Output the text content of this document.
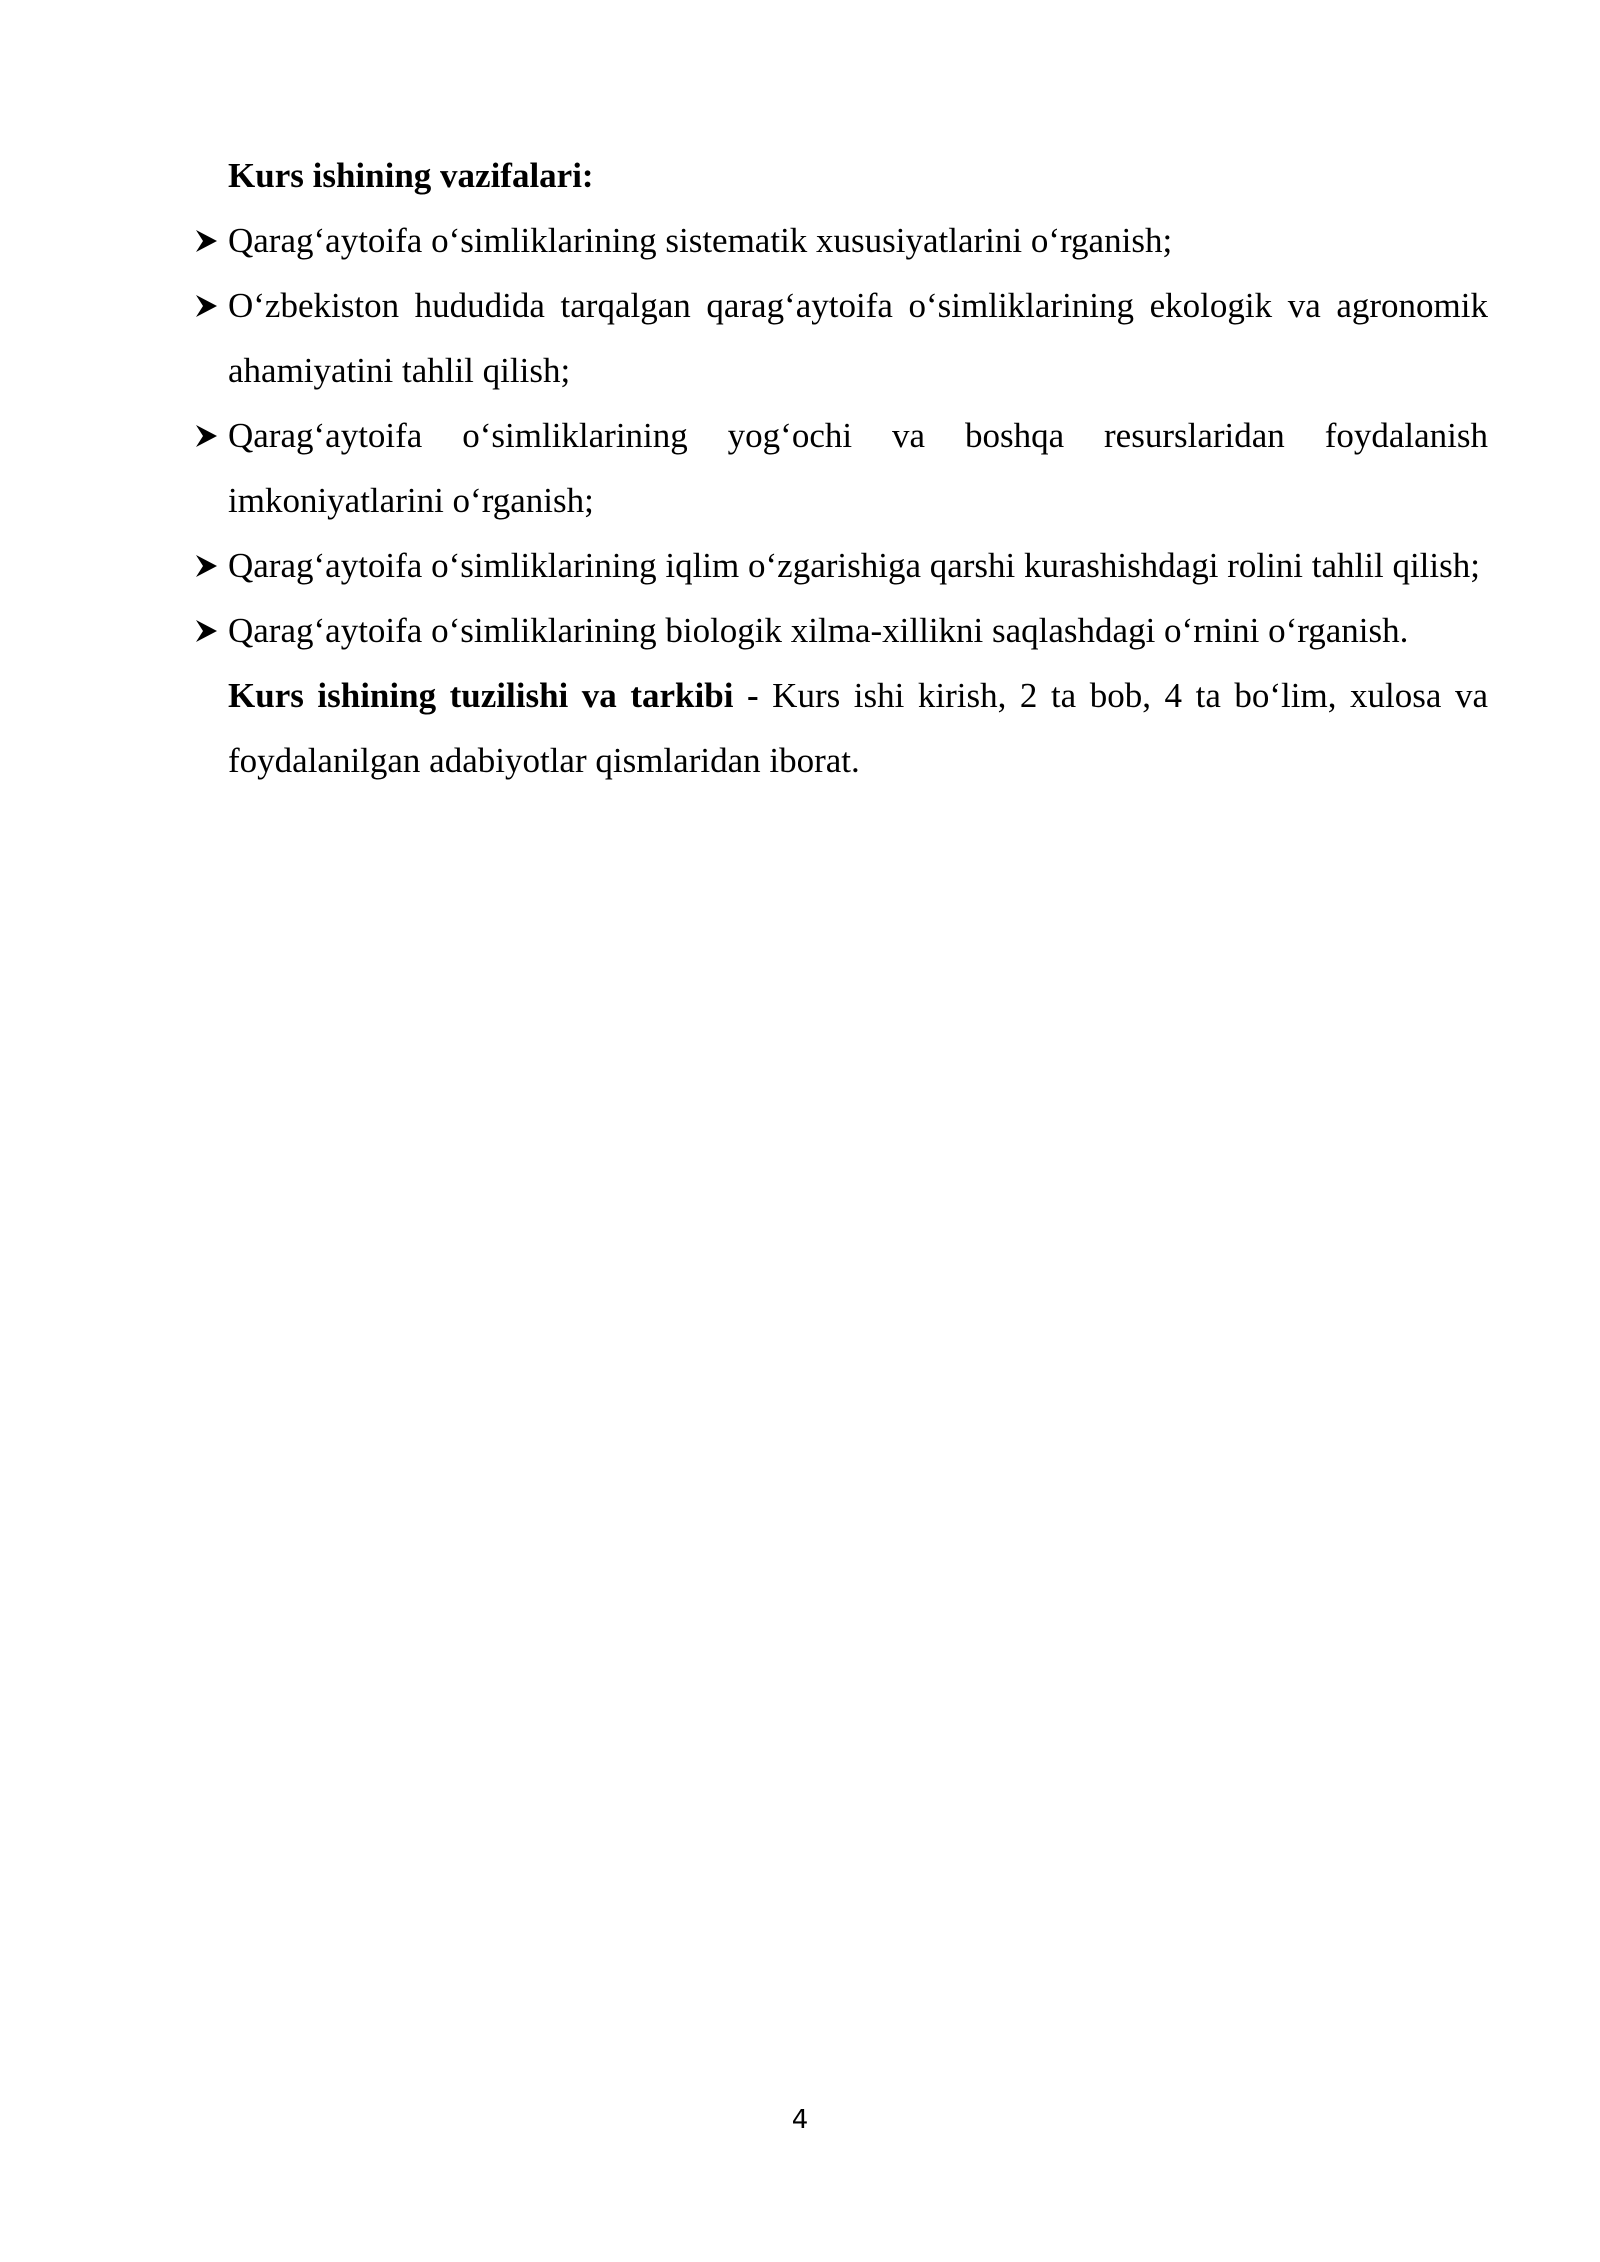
Kurs ishining vazifalari:

Qarag‘aytoifa o‘simliklarining sistematik xususiyatlarini o‘rganish;
O‘zbekiston hududida tarqalgan qarag‘aytoifa o‘simliklarining ekologik va agronomik ahamiyatini tahlil qilish;
Qarag‘aytoifa o‘simliklarining yog‘ochi va boshqa resurslaridan foydalanish imkoniyatlarini o‘rganish;
Qarag‘aytoifa o‘simliklarining iqlim o‘zgarishiga qarshi kurashishdagi rolini tahlil qilish;
Qarag‘aytoifa o‘simliklarining biologik xilma-xillikni saqlashdagi o‘rnini o‘rganish.

Kurs ishining tuzilishi va tarkibi - Kurs ishi kirish, 2 ta bob, 4 ta bo‘lim, xulosa va foydalanilgan adabiyotlar qismlaridan iborat.

4
